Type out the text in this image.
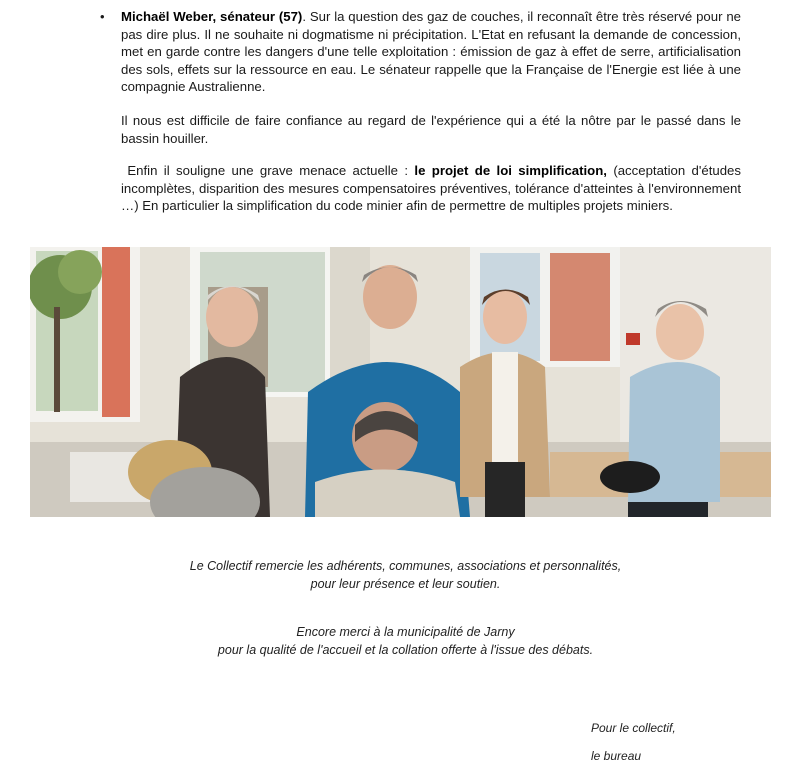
• Michaël Weber, sénateur (57). Sur la question des gaz de couches, il reconnaît être très réservé pour ne pas dire plus. Il ne souhaite ni dogmatisme ni précipitation. L'Etat en refusant la demande de concession, met en garde contre les dangers d'une telle exploitation : émission de gaz à effet de serre, artificialisation des sols, effets sur la ressource en eau. Le sénateur rappelle que la Française de l'Energie est liée à une compagnie Australienne.

Il nous est difficile de faire confiance au regard de l'expérience qui a été la nôtre par le passé dans le bassin houiller.

Enfin il souligne une grave menace actuelle : le projet de loi simplification, (acceptation d'études incomplètes, disparition des mesures compensatoires préventives, tolérance d'atteintes à l'environnement …) En particulier la simplification du code minier afin de permettre de multiples projets miniers.

Le Collectif remercie les adhérents, communes, associations et personnalités,
pour leur présence et leur soutien.
Encore merci à la municipalité de Jarny
pour la qualité de l'accueil et la collation offerte à l'issue des débats.
Pour le collectif,
le bureau
